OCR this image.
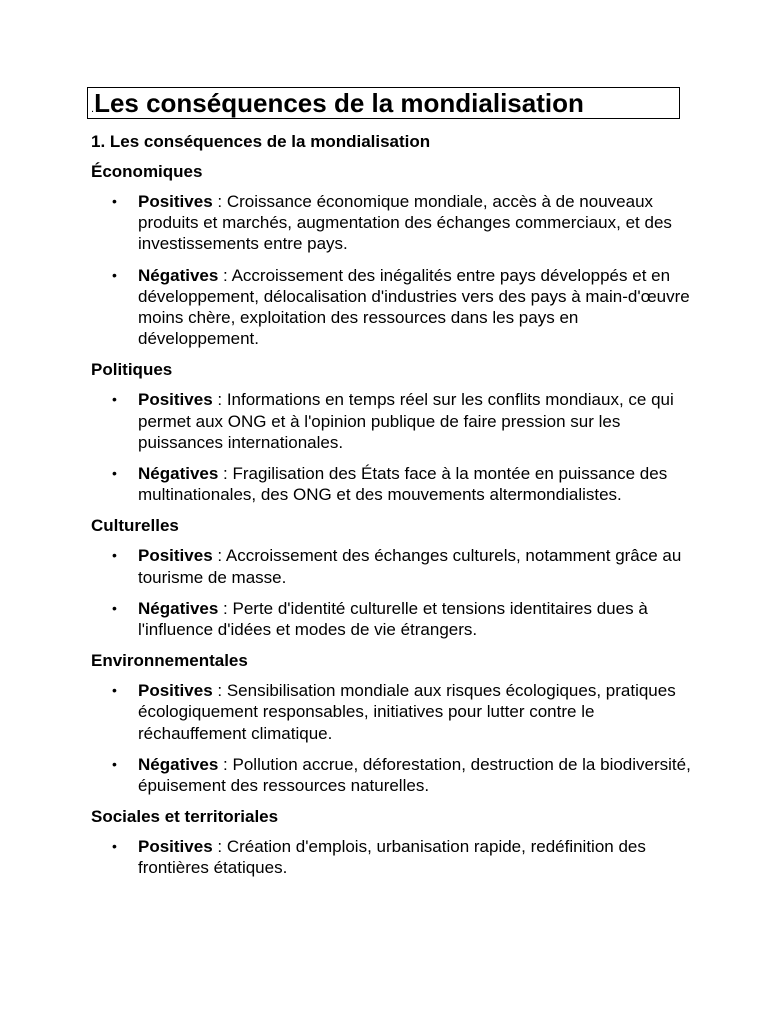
.Les conséquences de la mondialisation
1. Les conséquences de la mondialisation
Économiques
• Positives : Croissance économique mondiale, accès à de nouveaux produits et marchés, augmentation des échanges commerciaux, et des investissements entre pays.
• Négatives : Accroissement des inégalités entre pays développés et en développement, délocalisation d'industries vers des pays à main-d'œuvre moins chère, exploitation des ressources dans les pays en développement.
Politiques
• Positives : Informations en temps réel sur les conflits mondiaux, ce qui permet aux ONG et à l'opinion publique de faire pression sur les puissances internationales.
• Négatives : Fragilisation des États face à la montée en puissance des multinationales, des ONG et des mouvements altermondialistes.
Culturelles
• Positives : Accroissement des échanges culturels, notamment grâce au tourisme de masse.
• Négatives : Perte d'identité culturelle et tensions identitaires dues à l'influence d'idées et modes de vie étrangers.
Environnementales
• Positives : Sensibilisation mondiale aux risques écologiques, pratiques écologiquement responsables, initiatives pour lutter contre le réchauffement climatique.
• Négatives : Pollution accrue, déforestation, destruction de la biodiversité, épuisement des ressources naturelles.
Sociales et territoriales
• Positives : Création d'emplois, urbanisation rapide, redéfinition des frontières étatiques.
